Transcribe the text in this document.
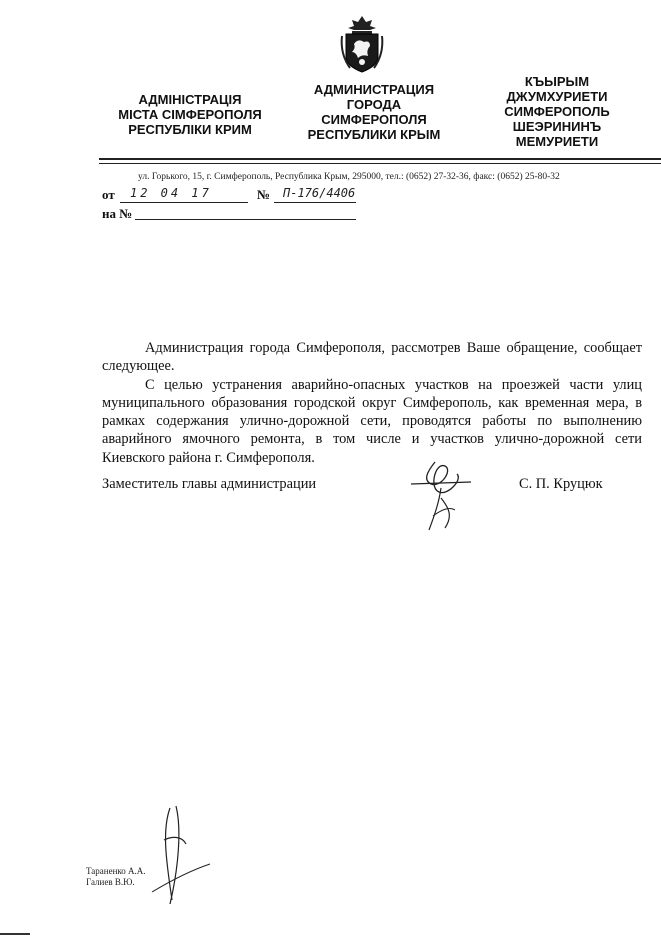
АДМІНІСТРАЦІЯ
МІСТА СІМФЕРОПОЛЯ
РЕСПУБЛІКИ КРИМ
АДМИНИСТРАЦИЯ
ГОРОДА
СИМФЕРОПОЛЯ
РЕСПУБЛИКИ КРЫМ
КЪЫРЫМ
ДЖУМХУРИЕТИ
СИМФЕРОПОЛЬ
ШЕЭРИНИНЪ
МЕМУРИЕТИ
ул. Горького, 15, г. Симферополь, Республика Крым, 295000, тел.: (0652) 27-32-36, факс: (0652) 25-80-32
от 12 04 17	№ П-176/4406
на №

Администрация города Симферополя, рассмотрев Ваше обращение, сообщает следующее.

С целью устранения аварийно-опасных участков на проезжей части улиц муниципального образования городской округ Симферополь, как временная мера, в рамках содержания улично-дорожной сети, проводятся работы по выполнению аварийного ямочного ремонта, в том числе и участков улично-дорожной сети Киевского района г. Симферополя.

Заместитель главы администрации	С. П. Круцюк
Тараненко А.А.
Галиев В.Ю.
